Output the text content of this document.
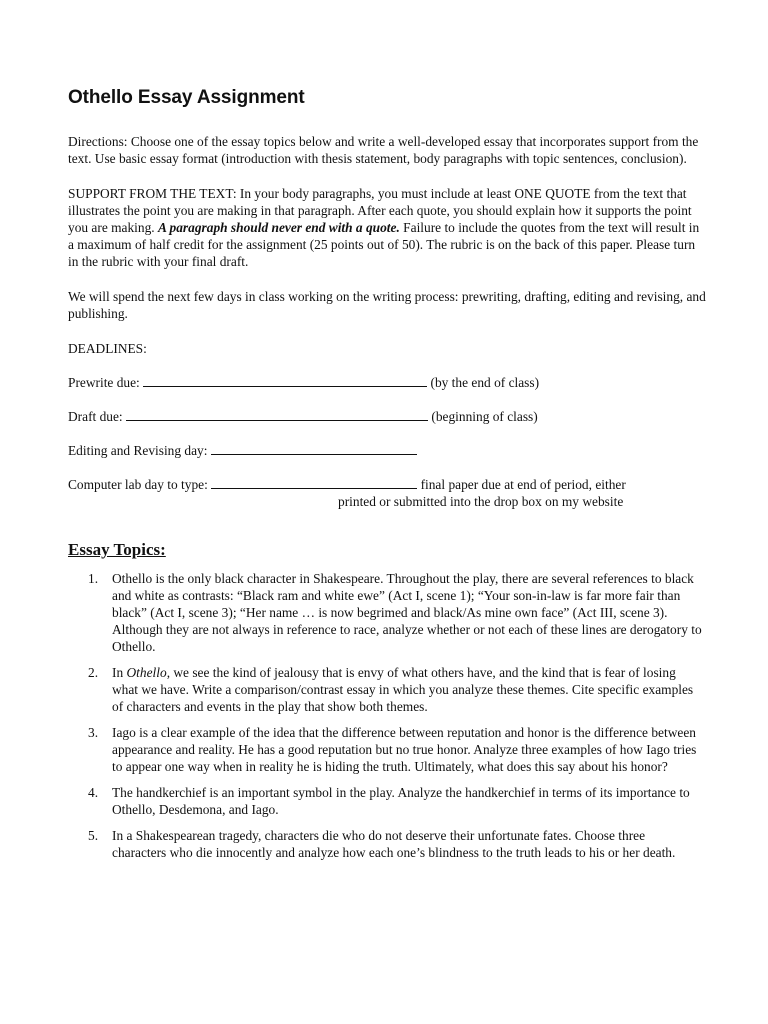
Othello Essay Assignment

Directions: Choose one of the essay topics below and write a well-developed essay that incorporates support from the text. Use basic essay format (introduction with thesis statement, body paragraphs with topic sentences, conclusion).

SUPPORT FROM THE TEXT: In your body paragraphs, you must include at least ONE QUOTE from the text that illustrates the point you are making in that paragraph. After each quote, you should explain how it supports the point you are making. A paragraph should never end with a quote. Failure to include the quotes from the text will result in a maximum of half credit for the assignment (25 points out of 50). The rubric is on the back of this paper. Please turn in the rubric with your final draft.

We will spend the next few days in class working on the writing process: prewriting, drafting, editing and revising, and publishing.

DEADLINES:
Prewrite due:	(by the end of class)
Draft due:	(beginning of class)
Editing and Revising day:
Computer lab day to type:	final paper due at end of period, either
printed or submitted into the drop box on my website
Essay Topics:
1. Othello is the only black character in Shakespeare. Throughout the play, there are several references to black and white as contrasts: “Black ram and white ewe” (Act I, scene 1); “Your son-in-law is far more fair than black” (Act I, scene 3); “Her name … is now begrimed and black/As mine own face” (Act III, scene 3). Although they are not always in reference to race, analyze whether or not each of these lines are derogatory to Othello.
2. In Othello, we see the kind of jealousy that is envy of what others have, and the kind that is fear of losing what we have. Write a comparison/contrast essay in which you analyze these themes. Cite specific examples of characters and events in the play that show both themes.
3. Iago is a clear example of the idea that the difference between reputation and honor is the difference between appearance and reality. He has a good reputation but no true honor. Analyze three examples of how Iago tries to appear one way when in reality he is hiding the truth. Ultimately, what does this say about his honor?
4. The handkerchief is an important symbol in the play. Analyze the handkerchief in terms of its importance to Othello, Desdemona, and Iago.
5. In a Shakespearean tragedy, characters die who do not deserve their unfortunate fates. Choose three characters who die innocently and analyze how each one’s blindness to the truth leads to his or her death.
